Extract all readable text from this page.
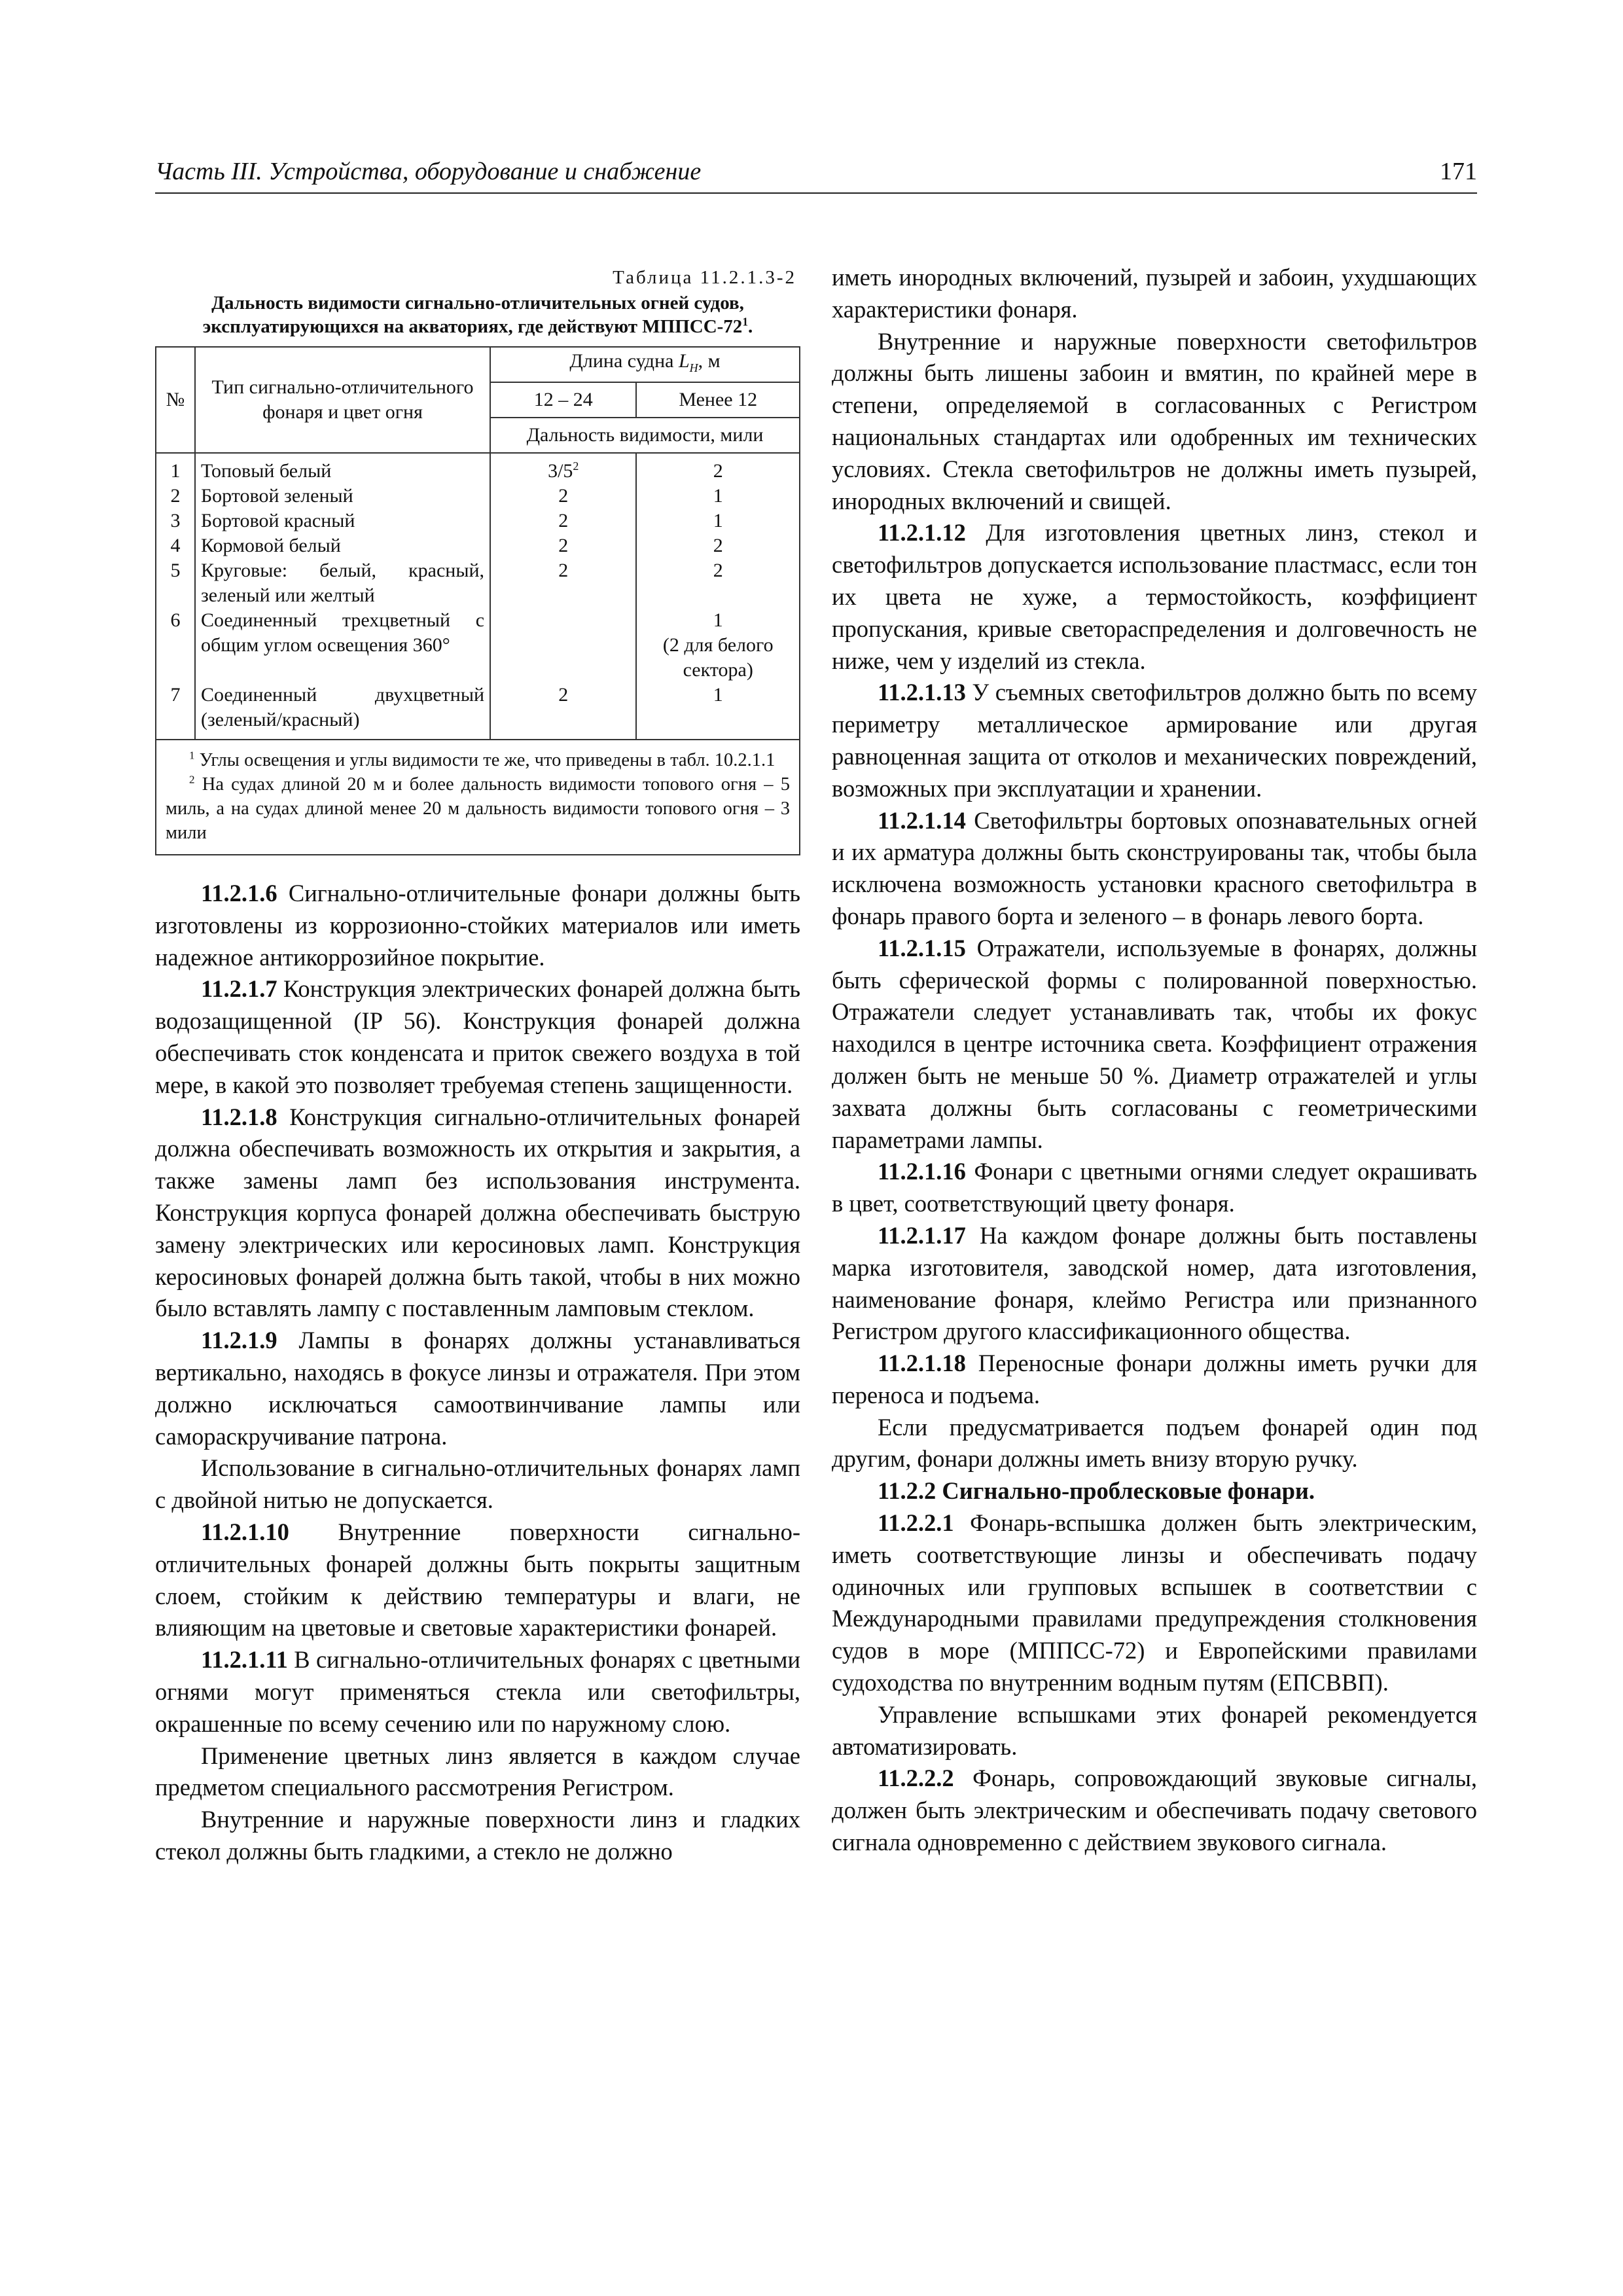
Часть III. Устройства, оборудование и снабжение	171
Таблица 11.2.1.3-2
Дальность видимости сигнально-отличительных огней судов,
эксплуатирующихся на акваториях, где действуют МППСС-$72^1$.
№	Тип сигнально-отличительного фонаря и цвет огня	Длина судна $L_H$, м	
		12 – 24	Менее 12
		Дальность видимости, мили	
1	Топовый белый	$3/5^2$	2
2	Бортовой зеленый	2	1
3	Бортовой красный	2	1
4	Кормовой белый	2	2
5	Круговые: белый, красный, зеленый или желтый	2	2
6	Соединенный трехцветный с общим углом освещения 360°		1
(2 для белого сектора)
7	Соединенный двухцветный (зеленый/красный)	2	1

$^1$ Углы освещения и углы видимости те же, что приведены в табл. 10.2.1.1

$^2$ На судах длиной 20 м и более дальность видимости топового огня – 5 миль, а на судах длиной менее 20 м дальность видимости топового огня – 3 мили			

11.2.1.6 Сигнально-отличительные фонари должны быть изготовлены из коррозионно-стойких материалов или иметь надежное антикоррозийное покрытие.

11.2.1.7 Конструкция электрических фонарей должна быть водозащищенной (IP 56). Конструкция фонарей должна обеспечивать сток конденсата и приток свежего воздуха в той мере, в какой это позволяет требуемая степень защищенности.

11.2.1.8 Конструкция сигнально-отличительных фонарей должна обеспечивать возможность их открытия и закрытия, а также замены ламп без использования инструмента. Конструкция корпуса фонарей должна обеспечивать быструю замену электрических или керосиновых ламп. Конструкция керосиновых фонарей должна быть такой, чтобы в них можно было вставлять лампу с поставленным ламповым стеклом.

11.2.1.9 Лампы в фонарях должны устанавливаться вертикально, находясь в фокусе линзы и отражателя. При этом должно исключаться самоотвинчивание лампы или самораскручивание патрона.

Использование в сигнально-отличительных фонарях ламп с двойной нитью не допускается.

11.2.1.10 Внутренние поверхности сигнально-отличительных фонарей должны быть покрыты защитным слоем, стойким к действию температуры и влаги, не влияющим на цветовые и световые характеристики фонарей.

11.2.1.11 В сигнально-отличительных фонарях с цветными огнями могут применяться стекла или светофильтры, окрашенные по всему сечению или по наружному слою.

Применение цветных линз является в каждом случае предметом специального рассмотрения Регистром.

Внутренние и наружные поверхности линз и гладких стекол должны быть гладкими, а стекло не должно

иметь инородных включений, пузырей и забоин, ухудшающих характеристики фонаря.

Внутренние и наружные поверхности светофильтров должны быть лишены забоин и вмятин, по крайней мере в степени, определяемой в согласованных с Регистром национальных стандартах или одобренных им технических условиях. Стекла светофильтров не должны иметь пузырей, инородных включений и свищей.

11.2.1.12 Для изготовления цветных линз, стекол и светофильтров допускается использование пластмасс, если тон их цвета не хуже, а термостойкость, коэффициент пропускания, кривые светораспределения и долговечность не ниже, чем у изделий из стекла.

11.2.1.13 У съемных светофильтров должно быть по всему периметру металлическое армирование или другая равноценная защита от отколов и механических повреждений, возможных при эксплуатации и хранении.

11.2.1.14 Светофильтры бортовых опознавательных огней и их арматура должны быть сконструированы так, чтобы была исключена возможность установки красного светофильтра в фонарь правого борта и зеленого – в фонарь левого борта.

11.2.1.15 Отражатели, используемые в фонарях, должны быть сферической формы с полированной поверхностью. Отражатели следует устанавливать так, чтобы их фокус находился в центре источника света. Коэффициент отражения должен быть не меньше 50 %. Диаметр отражателей и углы захвата должны быть согласованы с геометрическими параметрами лампы.

11.2.1.16 Фонари с цветными огнями следует окрашивать в цвет, соответствующий цвету фонаря.

11.2.1.17 На каждом фонаре должны быть поставлены марка изготовителя, заводской номер, дата изготовления, наименование фонаря, клеймо Регистра или признанного Регистром другого классификационного общества.

11.2.1.18 Переносные фонари должны иметь ручки для переноса и подъема.

Если предусматривается подъем фонарей один под другим, фонари должны иметь внизу вторую ручку.

11.2.2 Сигнально-проблесковые фонари.

11.2.2.1 Фонарь-вспышка должен быть электрическим, иметь соответствующие линзы и обеспечивать подачу одиночных или групповых вспышек в соответствии с Международными правилами предупреждения столкновения судов в море (МППСС-72) и Европейскими правилами судоходства по внутренним водным путям (ЕПСВВП).

Управление вспышками этих фонарей рекомендуется автоматизировать.

11.2.2.2 Фонарь, сопровождающий звуковые сигналы, должен быть электрическим и обеспечивать подачу светового сигнала одновременно с действием звукового сигнала.
